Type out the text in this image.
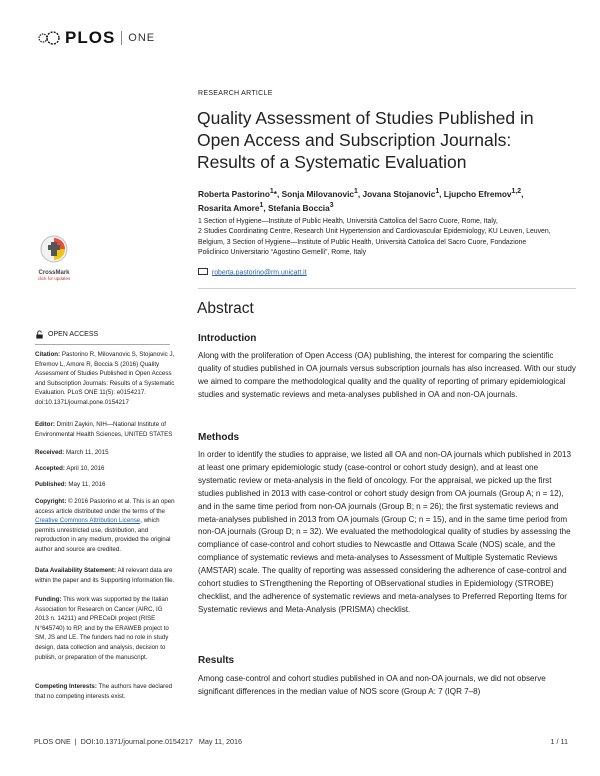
PLOS ONE
RESEARCH ARTICLE
Quality Assessment of Studies Published in Open Access and Subscription Journals: Results of a Systematic Evaluation
Roberta Pastorino$^1$*, Sonja Milovanovic$^1$, Jovana Stojanovic$^1$, Ljupcho Efremov$^{1,2}$,
Rosarita Amore$^1$, Stefania Boccia$^3$
1 Section of Hygiene—Institute of Public Health, Università Cattolica del Sacro Cuore, Rome, Italy,
2 Studies Coordinating Centre, Research Unit Hypertension and Cardiovascular Epidemiology, KU Leuven, Leuven, Belgium, 3 Section of Hygiene—Institute of Public Health, Università Cattolica del Sacro Cuore, Fondazione Policlinico Universitario “Agostino Gemelli”, Rome, Italy
roberta.pastorino@rm.unicatt.it
CrossMark
click for updates
Abstract
Introduction
Along with the proliferation of Open Access (OA) publishing, the interest for comparing the scientific quality of studies published in OA journals versus subscription journals has also increased. With our study we aimed to compare the methodological quality and the quality of reporting of primary epidemiological studies and systematic reviews and meta-analyses published in OA and non-OA journals.
Methods
In order to identify the studies to appraise, we listed all OA and non-OA journals which published in 2013 at least one primary epidemiologic study (case-control or cohort study design), and at least one systematic review or meta-analysis in the field of oncology. For the appraisal, we picked up the first studies published in 2013 with case-control or cohort study design from OA journals (Group A; n = 12), and in the same time period from non-OA journals (Group B; n = 26); the first systematic reviews and meta-analyses published in 2013 from OA journals (Group C; n = 15), and in the same time period from non-OA journals (Group D; n = 32). We evaluated the methodological quality of studies by assessing the compliance of case-control and cohort studies to Newcastle and Ottawa Scale (NOS) scale, and the compliance of systematic reviews and meta-analyses to Assessment of Multiple Systematic Reviews (AMSTAR) scale. The quality of reporting was assessed considering the adherence of case-control and cohort studies to STrengthening the Reporting of OBservational studies in Epidemiology (STROBE) checklist, and the adherence of systematic reviews and meta-analyses to Preferred Reporting Items for Systematic reviews and Meta-Analysis (PRISMA) checklist.
Results
Among case-control and cohort studies published in OA and non-OA journals, we did not observe significant differences in the median value of NOS score (Group A: 7 (IQR 7–8)
OPEN ACCESS
Citation: Pastorino R, Milovanovic S, Stojanovic J, Efremov L, Amore R, Boccia S (2016) Quality Assessment of Studies Published in Open Access and Subscription Journals: Results of a Systematic Evaluation. PLoS ONE 11(5): e0154217. doi:10.1371/journal.pone.0154217
Editor: Dmitri Zaykin, NIH—National Institute of Environmental Health Sciences, UNITED STATES
Received: March 11, 2015
Accepted: April 10, 2016
Published: May 11, 2016
Copyright: © 2016 Pastorino et al. This is an open access article distributed under the terms of the Creative Commons Attribution License, which permits unrestricted use, distribution, and reproduction in any medium, provided the original author and source are credited.
Data Availability Statement: All relevant data are within the paper and its Supporting Information file.
Funding: This work was supported by the Italian Association for Research on Cancer (AIRC, IG 2013 n. 14211) and PRECeDI project (RISE N°645740) to RP, and by the ERAWEB project to SM, JS and LE. The funders had no role in study design, data collection and analysis, decision to publish, or preparation of the manuscript.
Competing Interests: The authors have declared that no competing interests exist.
PLOS ONE | DOI:10.1371/journal.pone.0154217 May 11, 2016	1 / 11
